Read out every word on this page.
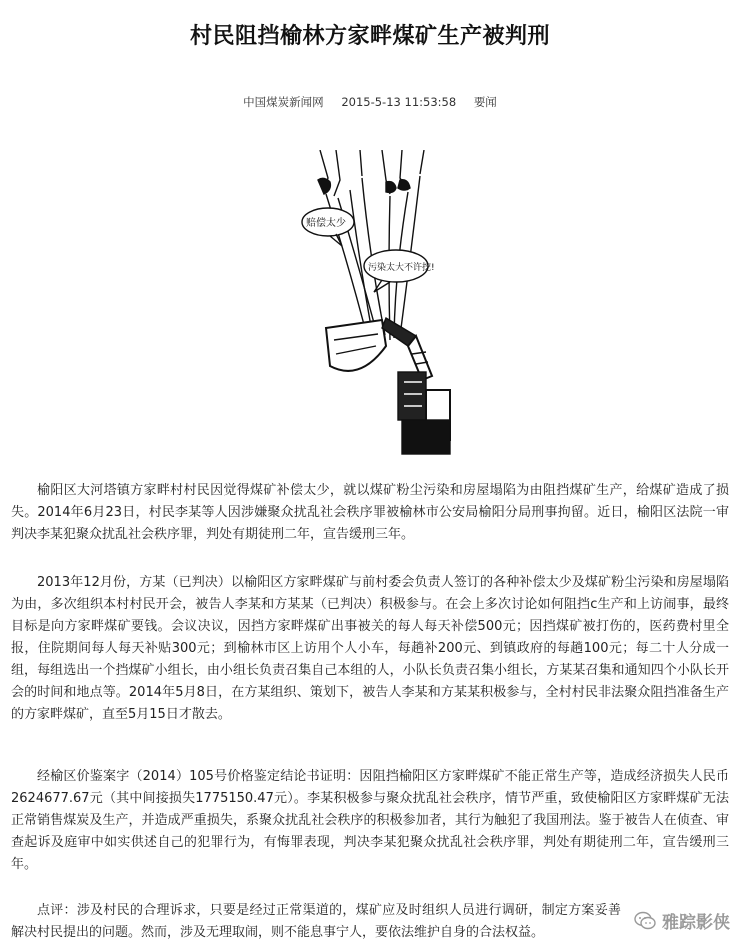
村民阻挡榆林方家畔煤矿生产被判刑
中国煤炭新闻网 2015-5-13 11:53:58 要闻
赔偿太少
污染太大不许挖!

榆阳区大河塔镇方家畔村村民因觉得煤矿补偿太少，就以煤矿粉尘污染和房屋塌陷为由阻挡煤矿生产，给煤矿造成了损失。2014年6月23日，村民李某等人因涉嫌聚众扰乱社会秩序罪被榆林市公安局榆阳分局刑事拘留。近日，榆阳区法院一审判决李某犯聚众扰乱社会秩序罪，判处有期徒刑二年，宣告缓刑三年。

2013年12月份，方某（已判决）以榆阳区方家畔煤矿与前村委会负责人签订的各种补偿太少及煤矿粉尘污染和房屋塌陷为由，多次组织本村村民开会，被告人李某和方某某（已判决）积极参与。在会上多次讨论如何阻挡c生产和上访闹事，最终目标是向方家畔煤矿要钱。会议决议，因挡方家畔煤矿出事被关的每人每天补偿500元；因挡煤矿被打伤的，医药费村里全报，住院期间每人每天补贴300元；到榆林市区上访用个人小车，每趟补200元、到镇政府的每趟100元；每二十人分成一组，每组选出一个挡煤矿小组长，由小组长负责召集自己本组的人，小队长负责召集小组长，方某某召集和通知四个小队长开会的时间和地点等。2014年5月8日，在方某组织、策划下，被告人李某和方某某积极参与，全村村民非法聚众阻挡准备生产的方家畔煤矿，直至5月15日才散去。

经榆区价鉴案字（2014）105号价格鉴定结论书证明：因阻挡榆阳区方家畔煤矿不能正常生产等，造成经济损失人民币2624677.67元（其中间接损失1775150.47元）。李某积极参与聚众扰乱社会秩序，情节严重，致使榆阳区方家畔煤矿无法正常销售煤炭及生产，并造成严重损失，系聚众扰乱社会秩序的积极参加者，其行为触犯了我国刑法。鉴于被告人在侦查、审查起诉及庭审中如实供述自己的犯罪行为，有悔罪表现，判决李某犯聚众扰乱社会秩序罪，判处有期徒刑二年，宣告缓刑三年。

点评：涉及村民的合理诉求，只要是经过正常渠道的，煤矿应及时组织人员进行调研，制定方案妥善解决村民提出的问题。然而，涉及无理取闹，则不能息事宁人，要依法维护自身的合法权益。	雅踪影侠
